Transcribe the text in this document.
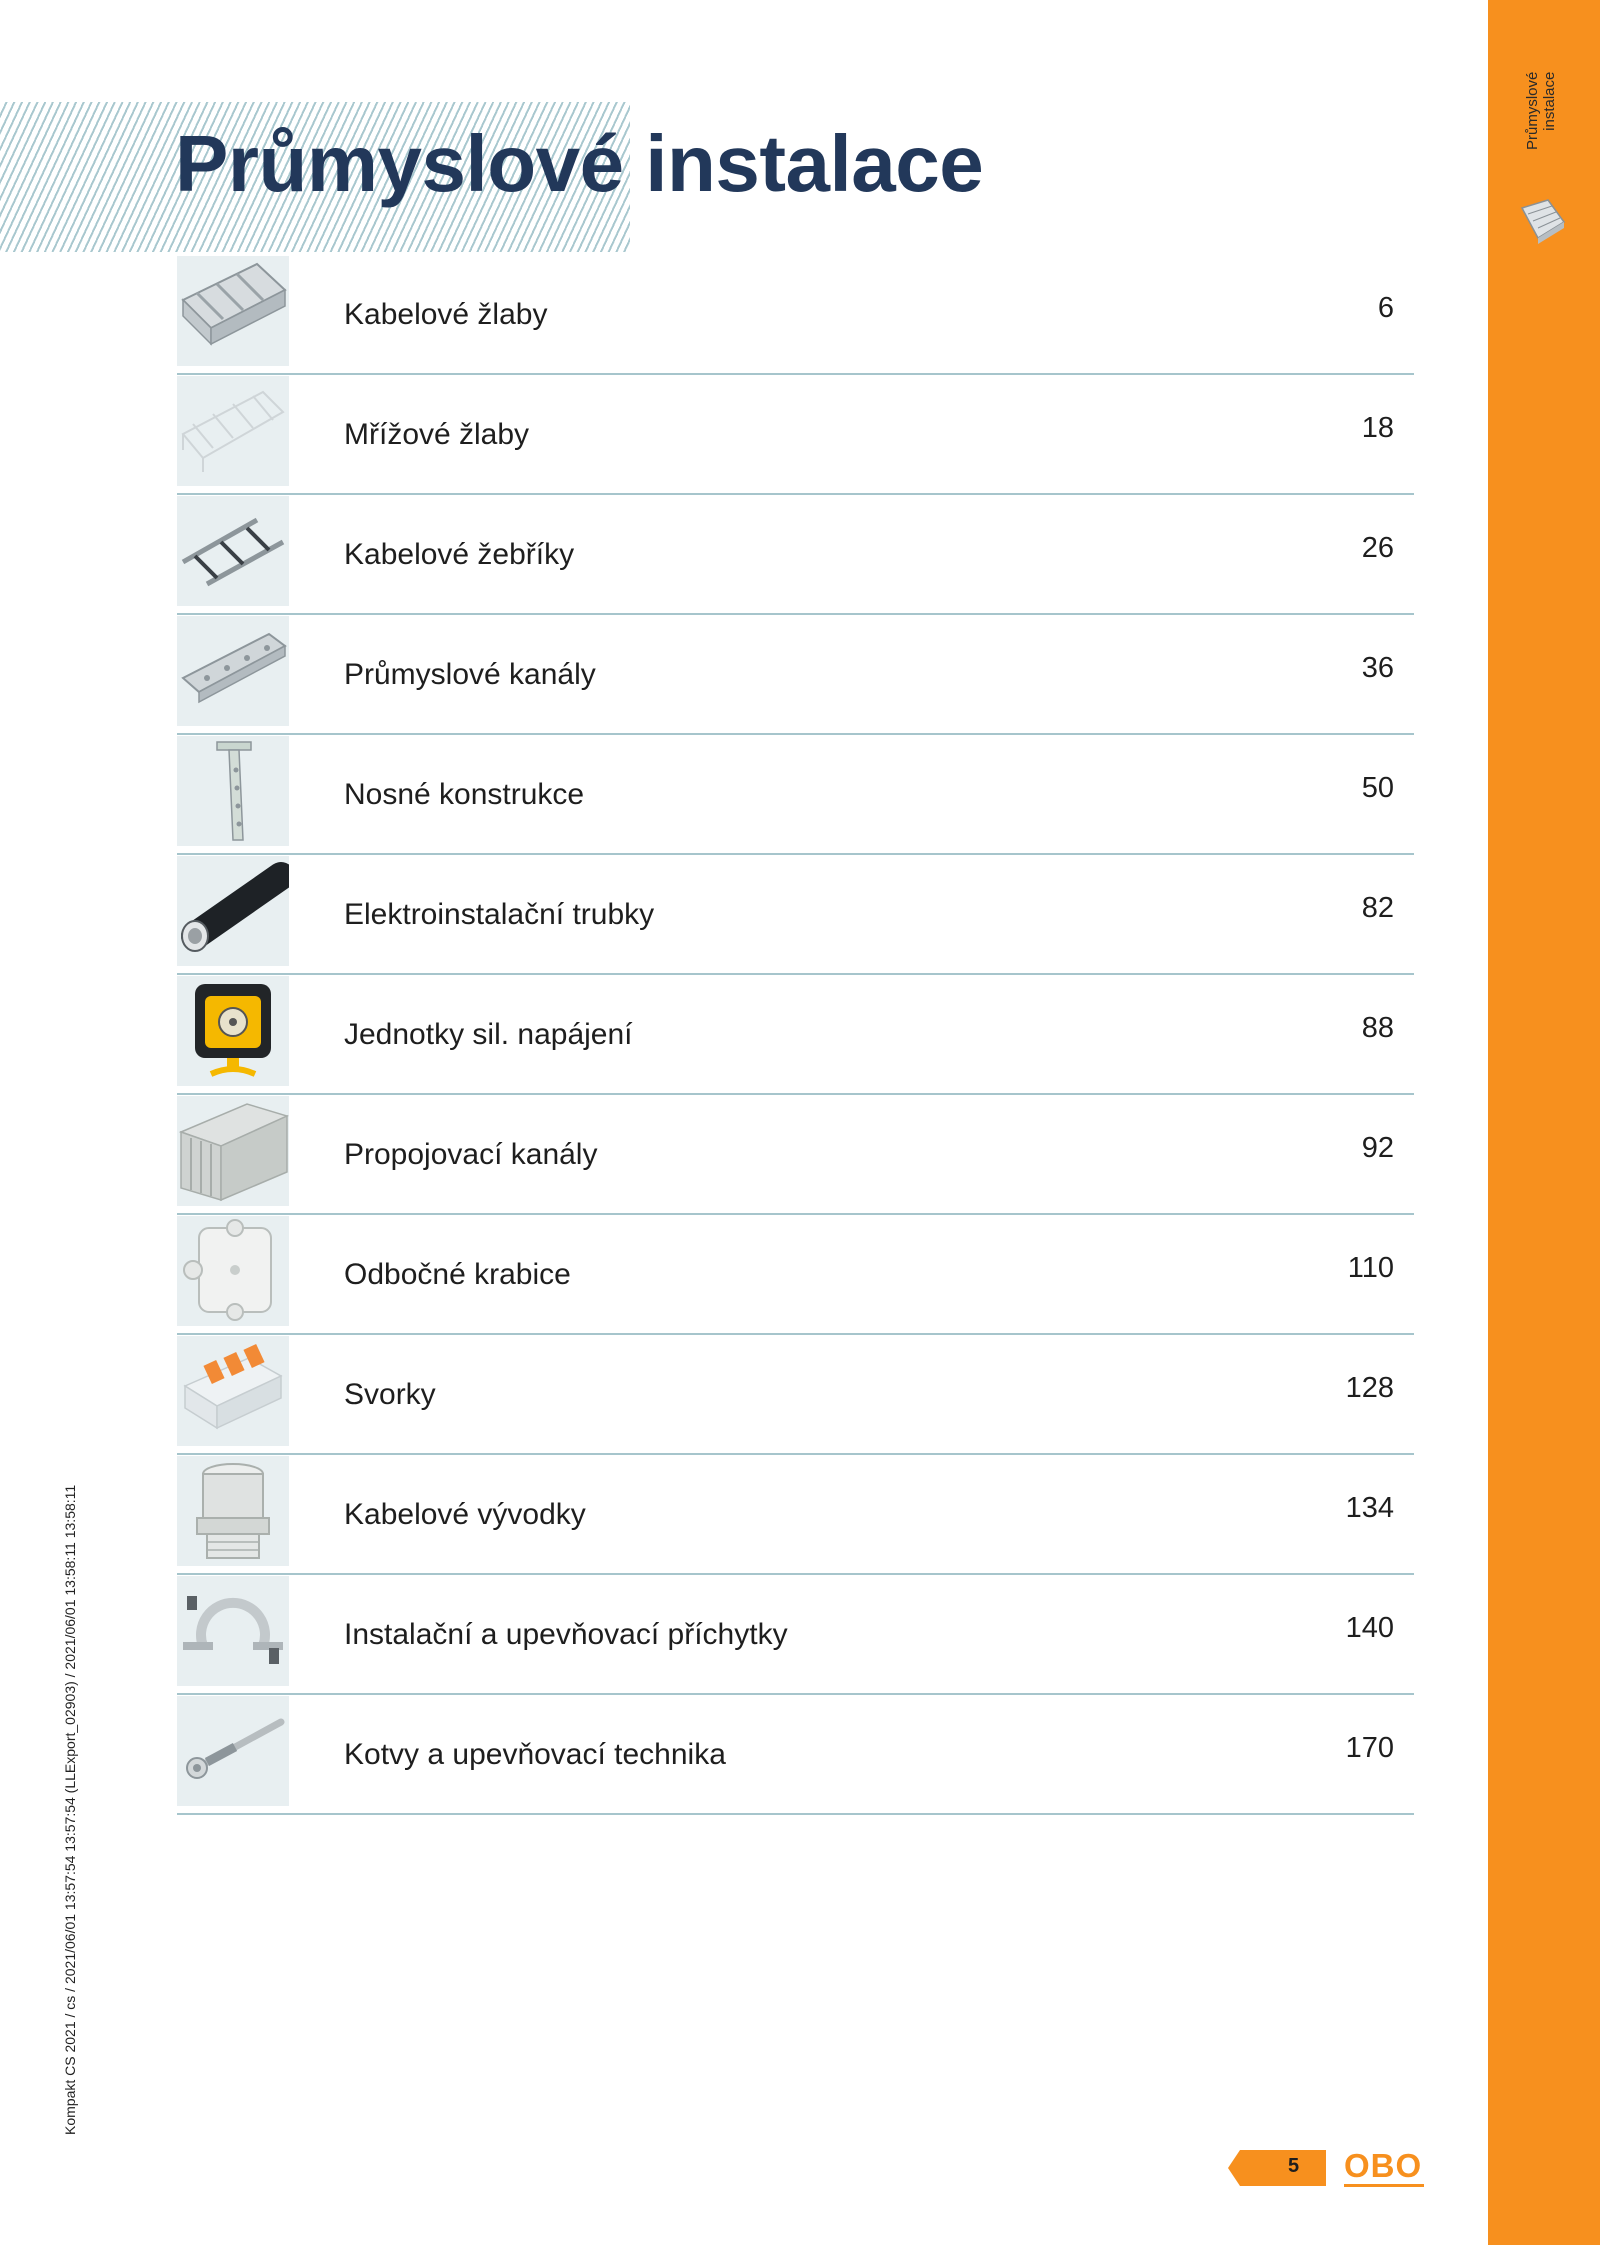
Průmyslové instalace
Průmyslové instalace
Kabelové žlaby	6
Mřížové žlaby	18
Kabelové žebříky	26
Průmyslové kanály	36
Nosné konstrukce	50
Elektroinstalační trubky	82
Jednotky sil. napájení	88
Propojovací kanály	92
Odbočné krabice	110
Svorky	128
Kabelové vývodky	134
Instalační a upevňovací příchytky	140
Kotvy a upevňovací technika	170
Kompakt CS 2021 / cs / 2021/06/01 13:57:54 13:57:54 (LLExport_02903) / 2021/06/01 13:58:11 13:58:11
5 OBO
